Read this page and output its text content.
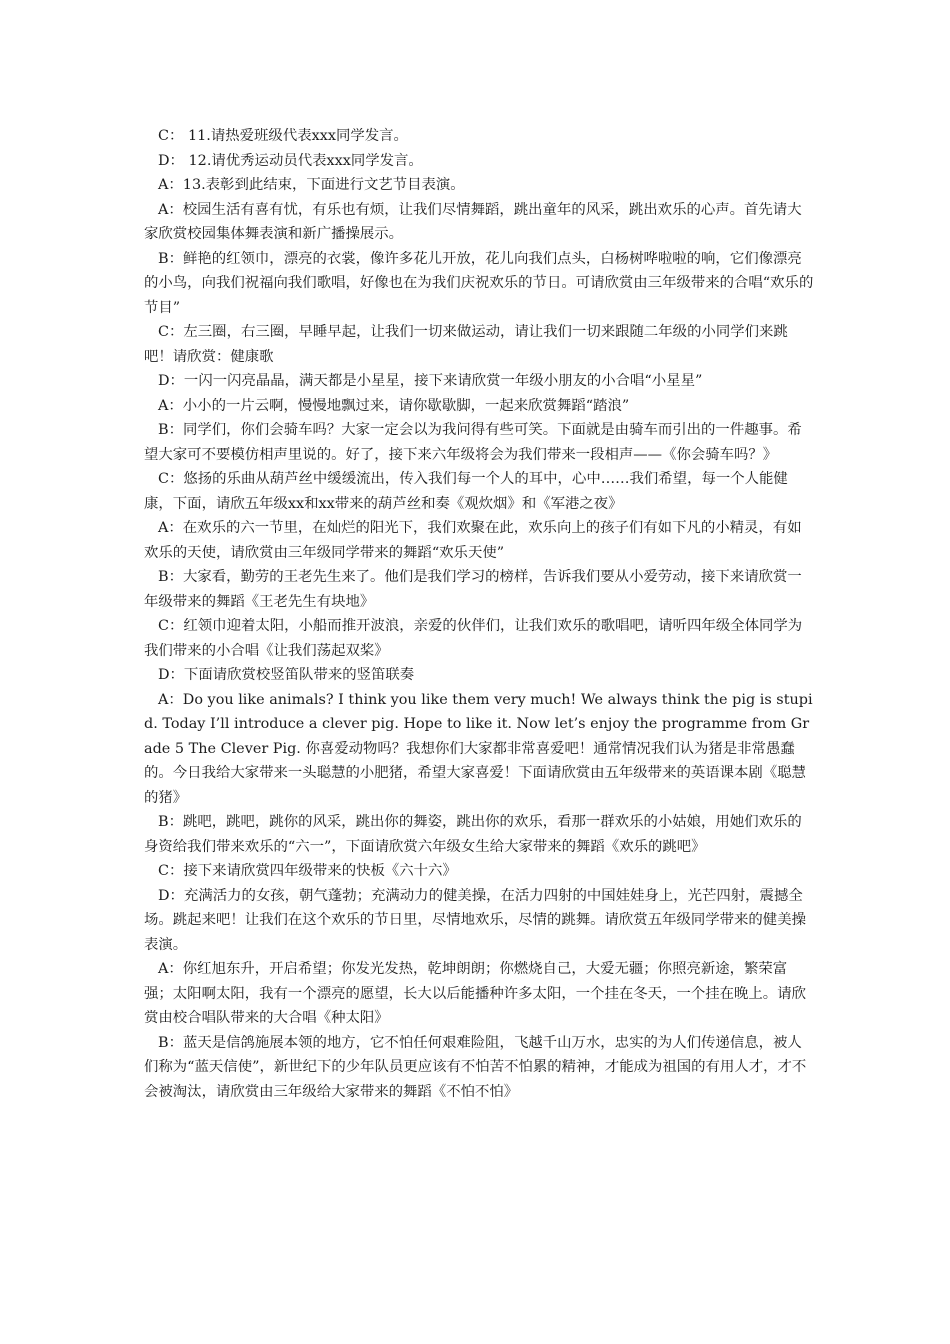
C： 11.请热爱班级代表xxx同学发言。

D： 12.请优秀运动员代表xxx同学发言。

A：13.表彰到此结束，下面进行文艺节目表演。

A：校园生活有喜有忧，有乐也有烦，让我们尽情舞蹈，跳出童年的风采，跳出欢乐的心声。首先请大家欣赏校园集体舞表演和新广播操展示。

B：鲜艳的红领巾，漂亮的衣裳，像许多花儿开放，花儿向我们点头，白杨树哗啦啦的响，它们像漂亮的小鸟，向我们祝福向我们歌唱，好像也在为我们庆祝欢乐的节日。可请欣赏由三年级带来的合唱“欢乐的节目”

C：左三圈，右三圈，早睡早起，让我们一切来做运动，请让我们一切来跟随二年级的小同学们来跳吧！请欣赏：健康歌

D：一闪一闪亮晶晶，满天都是小星星，接下来请欣赏一年级小朋友的小合唱“小星星”

A：小小的一片云啊，慢慢地飘过来，请你歇歇脚，一起来欣赏舞蹈“踏浪”

B：同学们，你们会骑车吗？大家一定会以为我问得有些可笑。下面就是由骑车而引出的一件趣事。希望大家可不要模仿相声里说的。好了，接下来六年级将会为我们带来一段相声——《你会骑车吗？》

C：悠扬的乐曲从葫芦丝中缓缓流出，传入我们每一个人的耳中，心中……我们希望，每一个人能健康，下面，请欣五年级xx和xx带来的葫芦丝和奏《观炊烟》和《军港之夜》

A：在欢乐的六一节里，在灿烂的阳光下，我们欢聚在此，欢乐向上的孩子们有如下凡的小精灵，有如欢乐的天使，请欣赏由三年级同学带来的舞蹈“欢乐天使”

B：大家看，勤劳的王老先生来了。他们是我们学习的榜样，告诉我们要从小爱劳动，接下来请欣赏一年级带来的舞蹈《王老先生有块地》

C：红领巾迎着太阳，小船而推开波浪，亲爱的伙伴们，让我们欢乐的歌唱吧，请听四年级全体同学为我们带来的小合唱《让我们荡起双桨》

D：下面请欣赏校竖笛队带来的竖笛联奏

A：Do you like animals? I think you like them very much! We always think the pig is stupid. Today I’ll introduce a clever pig. Hope to like it. Now let’s enjoy the programme from Grade 5 The Clever Pig. 你喜爱动物吗？我想你们大家都非常喜爱吧！通常情况我们认为猪是非常愚蠢的。今日我给大家带来一头聪慧的小肥猪，希望大家喜爱！下面请欣赏由五年级带来的英语课本剧《聪慧的猪》

B：跳吧，跳吧，跳你的风采，跳出你的舞姿，跳出你的欢乐，看那一群欢乐的小姑娘，用她们欢乐的身资给我们带来欢乐的“六一”，下面请欣赏六年级女生给大家带来的舞蹈《欢乐的跳吧》

C：接下来请欣赏四年级带来的快板《六十六》

D：充满活力的女孩，朝气蓬勃；充满动力的健美操，在活力四射的中国娃娃身上，光芒四射，震撼全场。跳起来吧！让我们在这个欢乐的节日里，尽情地欢乐，尽情的跳舞。请欣赏五年级同学带来的健美操表演。

A：你红旭东升，开启希望；你发光发热，乾坤朗朗；你燃烧自己，大爱无疆；你照亮新途，繁荣富强；太阳啊太阳，我有一个漂亮的愿望，长大以后能播种许多太阳，一个挂在冬天，一个挂在晚上。请欣赏由校合唱队带来的大合唱《种太阳》

B：蓝天是信鸽施展本领的地方，它不怕任何艰难险阻，飞越千山万水，忠实的为人们传递信息，被人们称为“蓝天信使”，新世纪下的少年队员更应该有不怕苦不怕累的精神，才能成为祖国的有用人才，才不会被淘汰，请欣赏由三年级给大家带来的舞蹈《不怕不怕》
